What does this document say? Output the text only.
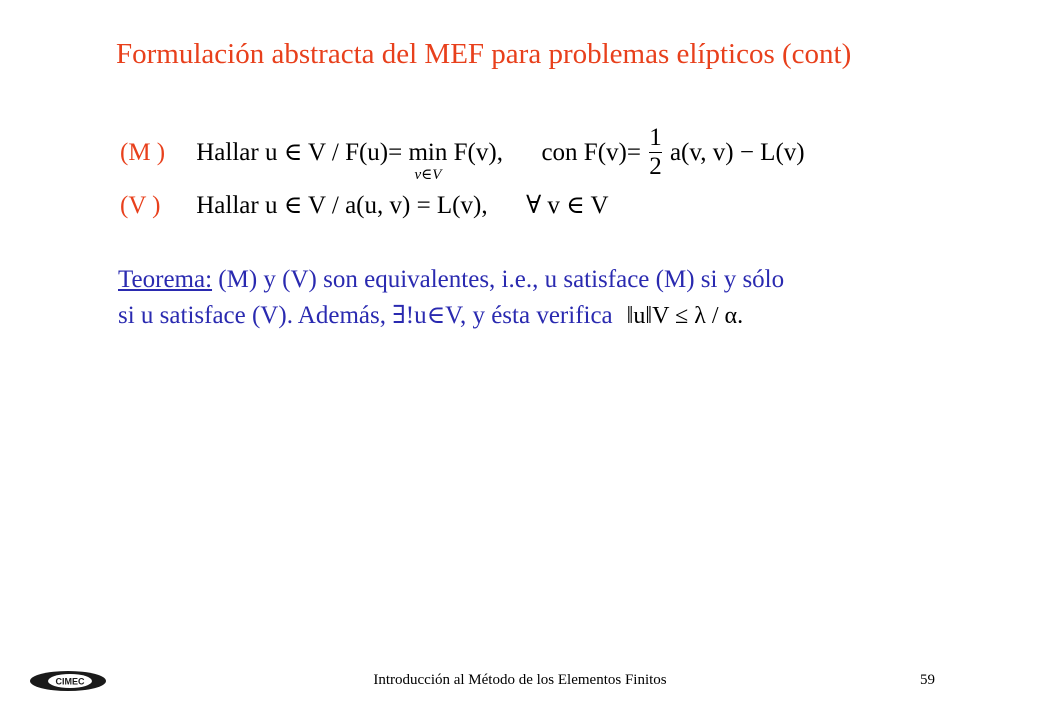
Formulación abstracta del MEF para problemas elípticos (cont)
(M ) Hallar u ∈ V / F(u)= min
v∈V
F(v), con $F(v)= \frac{1}{2} a(v$, v) − L(v)
(V ) Hallar u ∈ V / a(u, v) = L(v), ∀ v ∈ V
Teorema: (M) y (V) son equivalentes, i.e., u satisface (M) si y sólo
si u satisface (V). Además, ∃!u∈V, y ésta verifica ‖u‖V ≤ λ / α.
CIMEC	Introducción al Método de los Elementos Finitos	59
